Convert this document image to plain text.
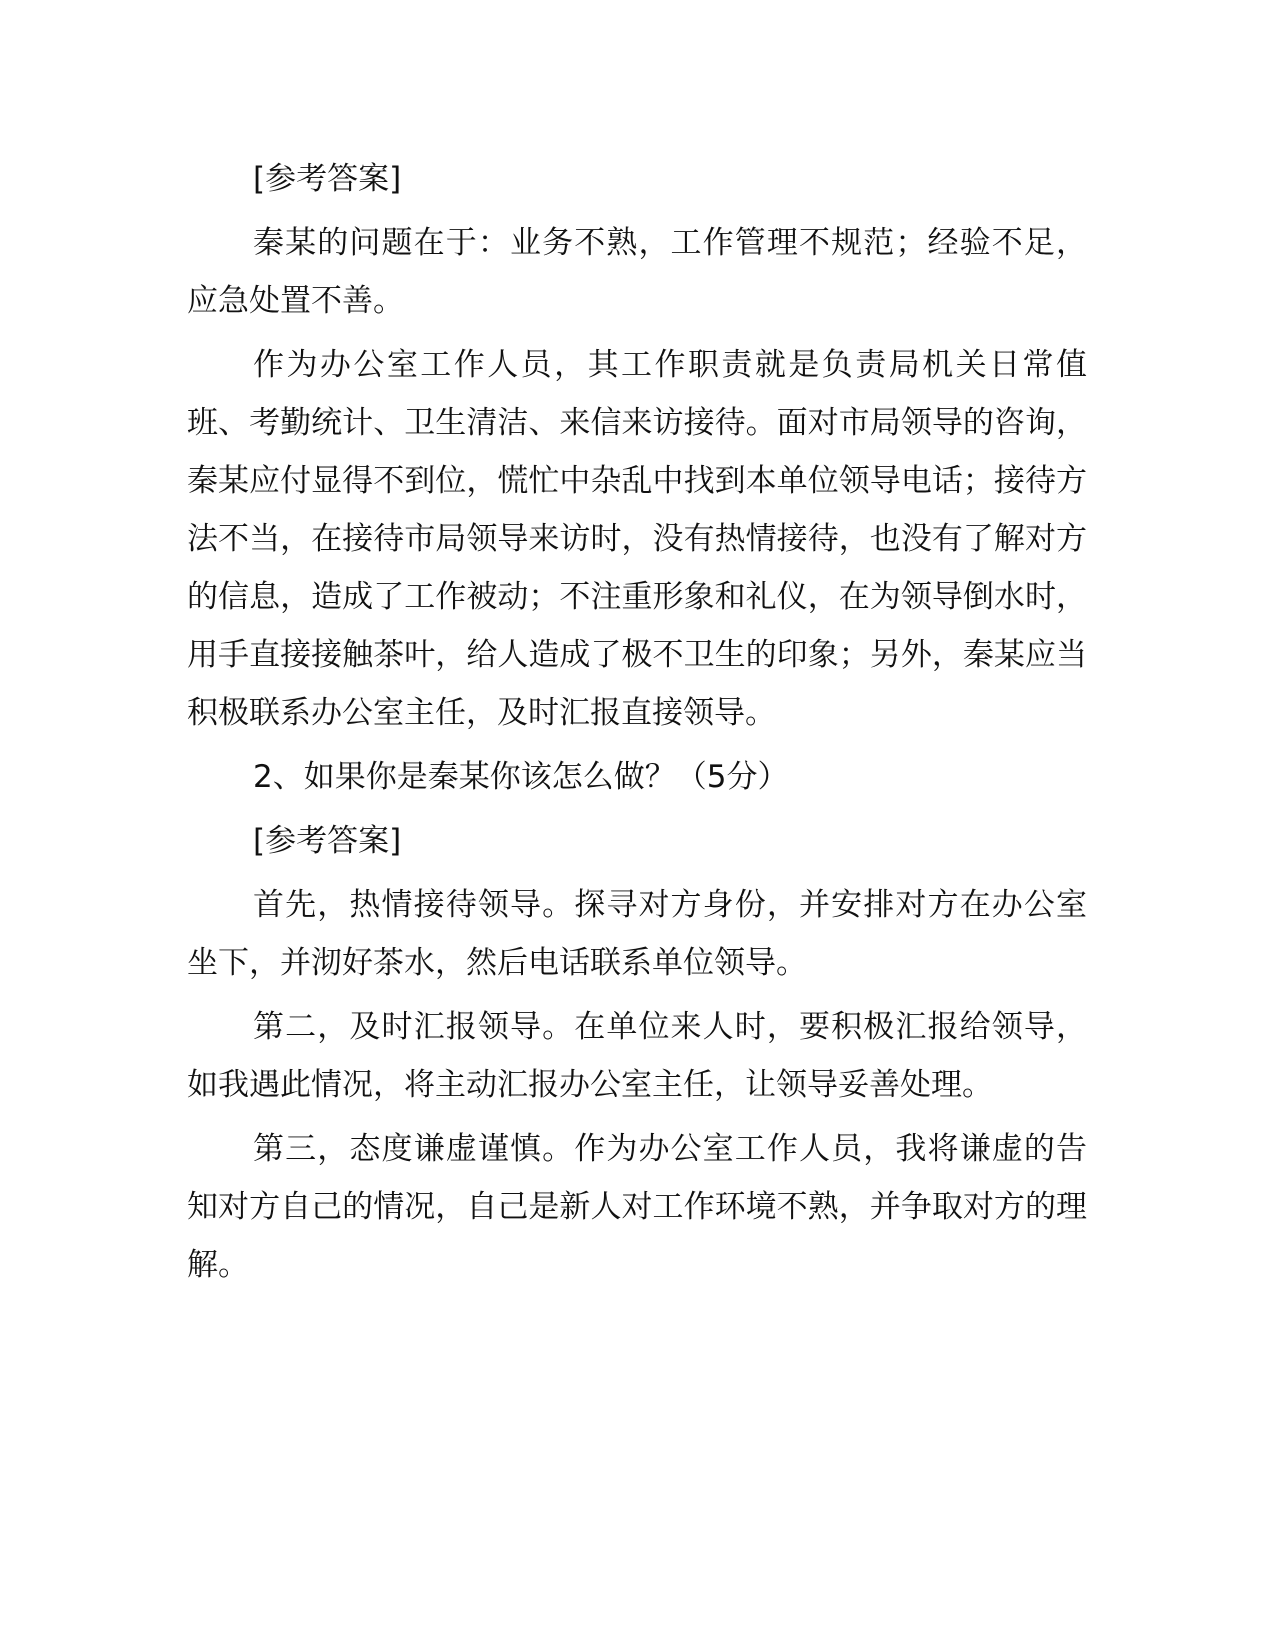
[参考答案]

秦某的问题在于：业务不熟，工作管理不规范；经验不足，应急处置不善。

作为办公室工作人员，其工作职责就是负责局机关日常值班、考勤统计、卫生清洁、来信来访接待。面对市局领导的咨询，秦某应付显得不到位，慌忙中杂乱中找到本单位领导电话；接待方法不当，在接待市局领导来访时，没有热情接待，也没有了解对方的信息，造成了工作被动；不注重形象和礼仪，在为领导倒水时，用手直接接触茶叶，给人造成了极不卫生的印象；另外，秦某应当积极联系办公室主任，及时汇报直接领导。

2、如果你是秦某你该怎么做？（5分）

[参考答案]

首先，热情接待领导。探寻对方身份，并安排对方在办公室坐下，并沏好茶水，然后电话联系单位领导。

第二，及时汇报领导。在单位来人时，要积极汇报给领导，如我遇此情况，将主动汇报办公室主任，让领导妥善处理。

第三，态度谦虚谨慎。作为办公室工作人员，我将谦虚的告知对方自己的情况，自己是新人对工作环境不熟，并争取对方的理解。
